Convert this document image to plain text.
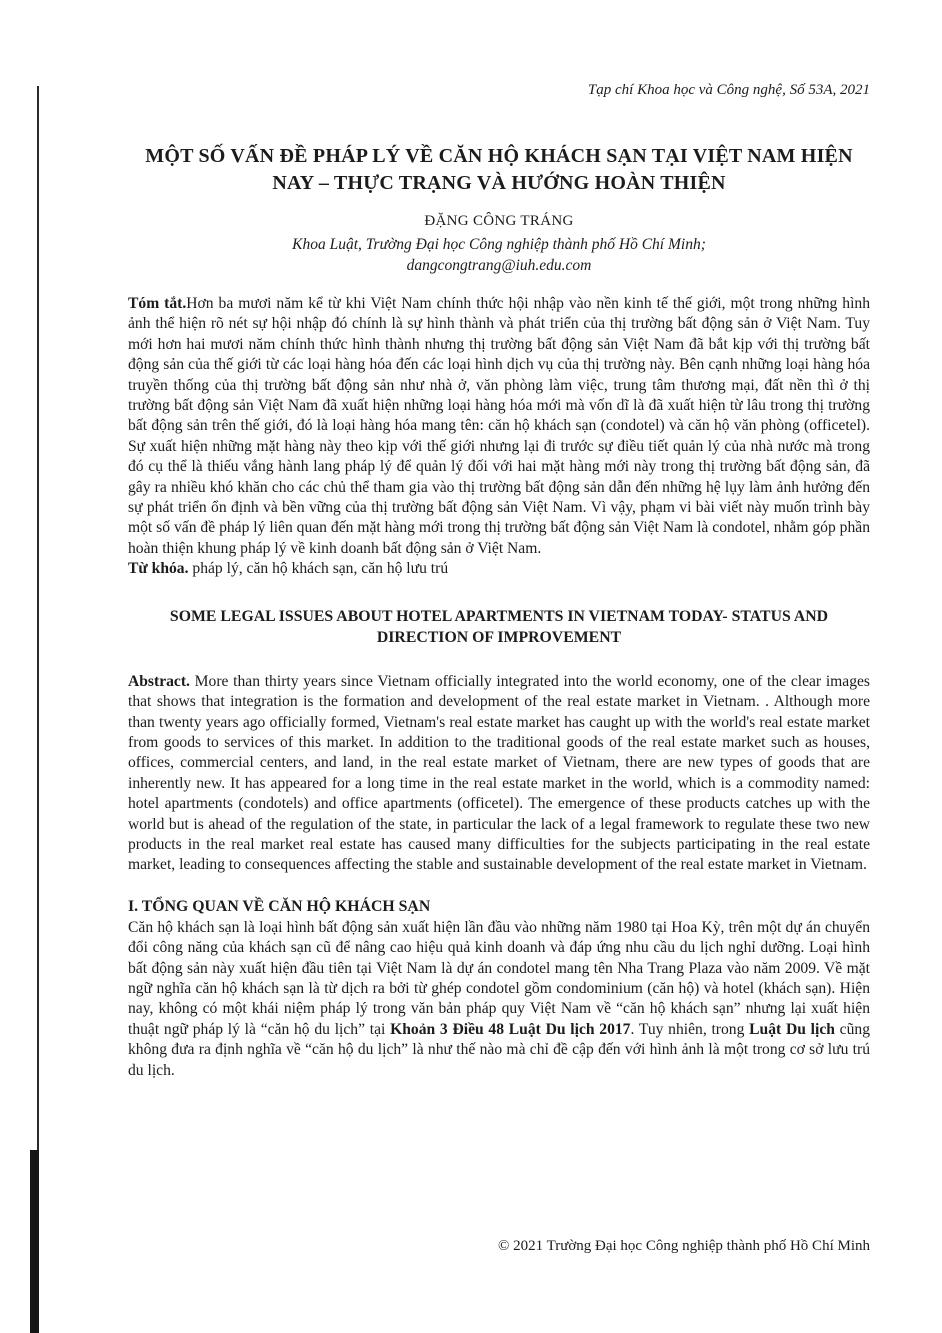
Tạp chí Khoa học và Công nghệ, Số 53A, 2021

MỘT SỐ VẤN ĐỀ PHÁP LÝ VỀ CĂN HỘ KHÁCH SẠN TẠI VIỆT NAM HIỆN NAY – THỰC TRẠNG VÀ HƯỚNG HOÀN THIỆN

ĐẶNG CÔNG TRÁNG

Khoa Luật, Trường Đại học Công nghiệp thành phố Hồ Chí Minh;

dangcongtrang@iuh.edu.com

Tóm tắt.Hơn ba mươi năm kể từ khi Việt Nam chính thức hội nhập vào nền kinh tế thế giới, một trong những hình ảnh thể hiện rõ nét sự hội nhập đó chính là sự hình thành và phát triển của thị trường bất động sản ở Việt Nam. Tuy mới hơn hai mươi năm chính thức hình thành nhưng thị trường bất động sản Việt Nam đã bắt kịp với thị trường bất động sản của thế giới từ các loại hàng hóa đến các loại hình dịch vụ của thị trường này. Bên cạnh những loại hàng hóa truyền thống của thị trường bất động sản như nhà ở, văn phòng làm việc, trung tâm thương mại, đất nền thì ở thị trường bất động sản Việt Nam đã xuất hiện những loại hàng hóa mới mà vốn dĩ là đã xuất hiện từ lâu trong thị trường bất động sản trên thế giới, đó là loại hàng hóa mang tên: căn hộ khách sạn (condotel) và căn hộ văn phòng (officetel). Sự xuất hiện những mặt hàng này theo kịp với thế giới nhưng lại đi trước sự điều tiết quản lý của nhà nước mà trong đó cụ thể là thiếu vắng hành lang pháp lý để quản lý đối với hai mặt hàng mới này trong thị trường bất động sản, đã gây ra nhiều khó khăn cho các chủ thể tham gia vào thị trường bất động sản dẫn đến những hệ lụy làm ảnh hưởng đến sự phát triển ổn định và bền vững của thị trường bất động sản Việt Nam. Vì vậy, phạm vi bài viết này muốn trình bày một số vấn đề pháp lý liên quan đến mặt hàng mới trong thị trường bất động sản Việt Nam là condotel, nhằm góp phần hoàn thiện khung pháp lý về kinh doanh bất động sản ở Việt Nam.

Từ khóa. pháp lý, căn hộ khách sạn, căn hộ lưu trú

SOME LEGAL ISSUES ABOUT HOTEL APARTMENTS IN VIETNAM TODAY- STATUS AND DIRECTION OF IMPROVEMENT

Abstract. More than thirty years since Vietnam officially integrated into the world economy, one of the clear images that shows that integration is the formation and development of the real estate market in Vietnam. . Although more than twenty years ago officially formed, Vietnam's real estate market has caught up with the world's real estate market from goods to services of this market. In addition to the traditional goods of the real estate market such as houses, offices, commercial centers, and land, in the real estate market of Vietnam, there are new types of goods that are inherently new. It has appeared for a long time in the real estate market in the world, which is a commodity named: hotel apartments (condotels) and office apartments (officetel). The emergence of these products catches up with the world but is ahead of the regulation of the state, in particular the lack of a legal framework to regulate these two new products in the real market real estate has caused many difficulties for the subjects participating in the real estate market, leading to consequences affecting the stable and sustainable development of the real estate market in Vietnam.

I. TỔNG QUAN VỀ CĂN HỘ KHÁCH SẠN

Căn hộ khách sạn là loại hình bất động sản xuất hiện lần đầu vào những năm 1980 tại Hoa Kỳ, trên một dự án chuyển đổi công năng của khách sạn cũ để nâng cao hiệu quả kinh doanh và đáp ứng nhu cầu du lịch nghỉ dưỡng. Loại hình bất động sản này xuất hiện đầu tiên tại Việt Nam là dự án condotel mang tên Nha Trang Plaza vào năm 2009. Về mặt ngữ nghĩa căn hộ khách sạn là từ dịch ra bởi từ ghép condotel gồm condominium (căn hộ) và hotel (khách sạn). Hiện nay, không có một khái niệm pháp lý trong văn bản pháp quy Việt Nam về “căn hộ khách sạn” nhưng lại xuất hiện thuật ngữ pháp lý là “căn hộ du lịch” tại Khoản 3 Điều 48 Luật Du lịch 2017. Tuy nhiên, trong Luật Du lịch cũng không đưa ra định nghĩa về “căn hộ du lịch” là như thế nào mà chỉ đề cập đến với hình ảnh là một trong cơ sở lưu trú du lịch.

© 2021 Trường Đại học Công nghiệp thành phố Hồ Chí Minh
